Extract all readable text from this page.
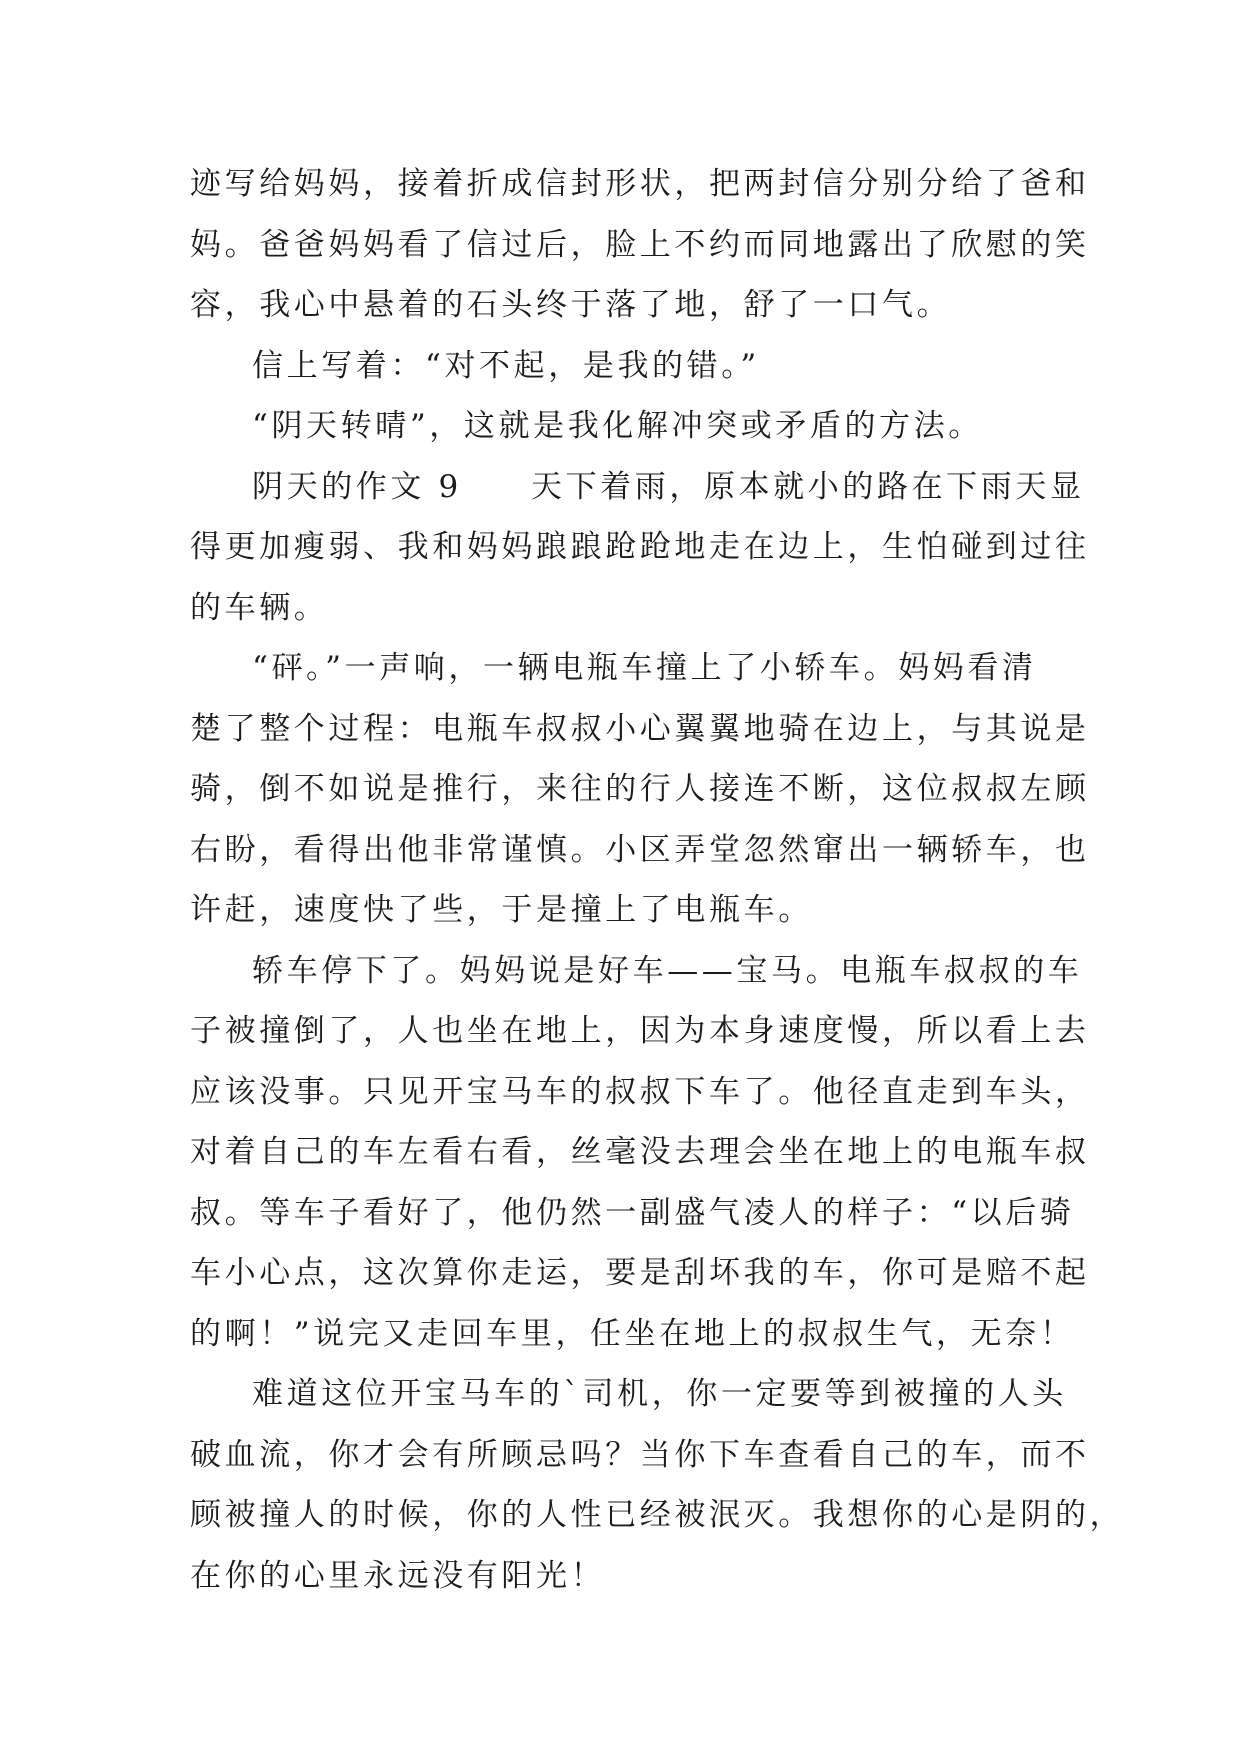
迹写给妈妈，接着折成信封形状，把两封信分别分给了爸和
妈。爸爸妈妈看了信过后，脸上不约而同地露出了欣慰的笑
容，我心中悬着的石头终于落了地，舒了一口气。
信上写着：“对不起，是我的错。”
“阴天转晴”，这就是我化解冲突或矛盾的方法。
阴天的作文 9　　天下着雨，原本就小的路在下雨天显
得更加瘦弱、我和妈妈踉踉跄跄地走在边上，生怕碰到过往
的车辆。
“砰。”一声响，一辆电瓶车撞上了小轿车。妈妈看清
楚了整个过程：电瓶车叔叔小心翼翼地骑在边上，与其说是
骑，倒不如说是推行，来往的行人接连不断，这位叔叔左顾
右盼，看得出他非常谨慎。小区弄堂忽然窜出一辆轿车，也
许赶，速度快了些，于是撞上了电瓶车。
轿车停下了。妈妈说是好车——宝马。电瓶车叔叔的车
子被撞倒了，人也坐在地上，因为本身速度慢，所以看上去
应该没事。只见开宝马车的叔叔下车了。他径直走到车头，
对着自己的车左看右看，丝毫没去理会坐在地上的电瓶车叔
叔。等车子看好了，他仍然一副盛气凌人的样子：“以后骑
车小心点，这次算你走运，要是刮坏我的车，你可是赔不起
的啊！”说完又走回车里，任坐在地上的叔叔生气，无奈！
难道这位开宝马车的`司机，你一定要等到被撞的人头
破血流，你才会有所顾忌吗？当你下车查看自己的车，而不
顾被撞人的时候，你的人性已经被泯灭。我想你的心是阴的，
在你的心里永远没有阳光！
